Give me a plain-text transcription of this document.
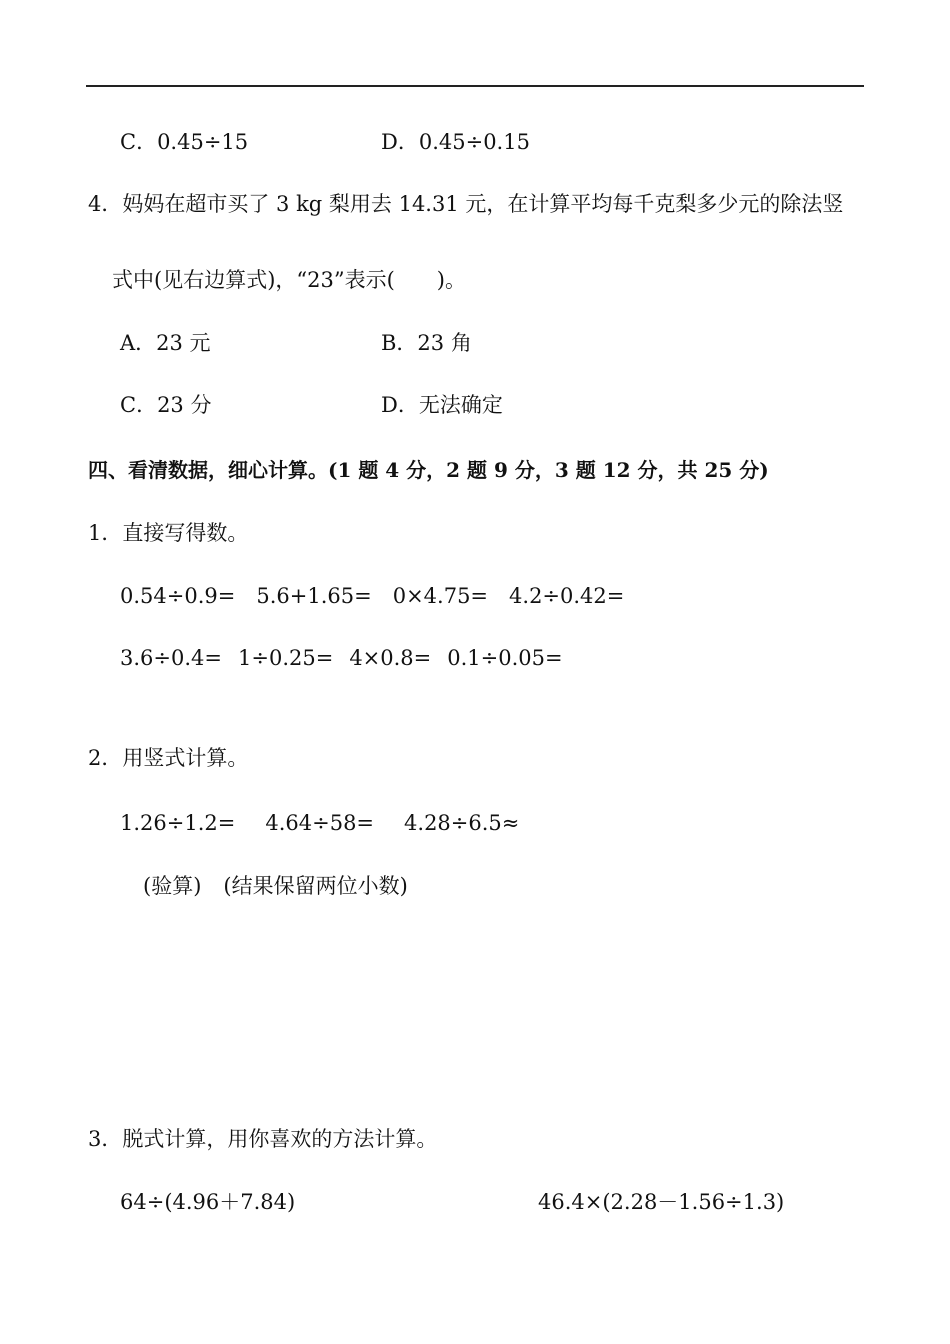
C．0.45÷15	D．0.45÷0.15
4．妈妈在超市买了 3 kg 梨用去 14.31 元，在计算平均每千克梨多少元的除法竖
式中(见右边算式)，“23”表示(　　)。
A．23 元	B．23 角
C．23 分	D．无法确定
四、看清数据，细心计算。(1 题 4 分，2 题 9 分，3 题 12 分，共 25 分)
1．直接写得数。
0.54÷0.9= 5.6+1.65= 0×4.75= 4.2÷0.42=
3.6÷0.4= 1÷0.25= 4×0.8= 0.1÷0.05=
2．用竖式计算。
1.26÷1.2= 4.64÷58= 4.28÷6.5≈
(验算) (结果保留两位小数)
3．脱式计算，用你喜欢的方法计算。
64÷(4.96＋7.84)	46.4×(2.28－1.56÷1.3)
